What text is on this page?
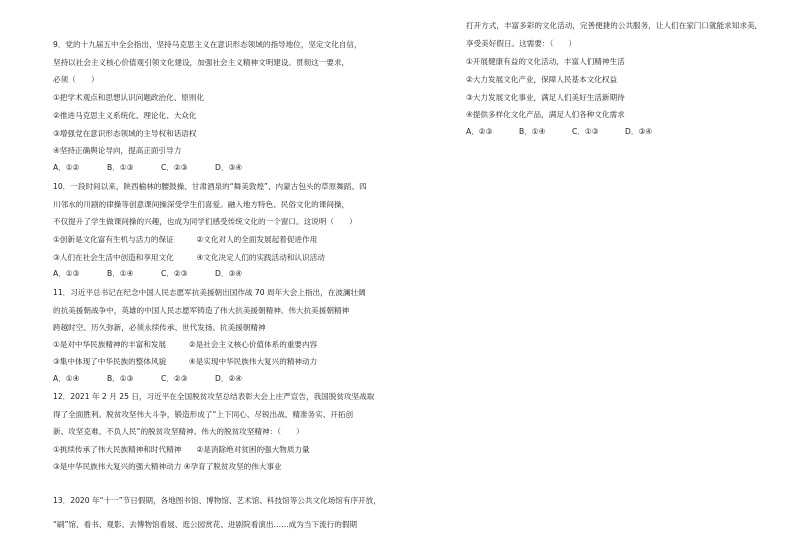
9．党的十九届五中全会指出，坚持马克思主义在意识形态领域的指导地位，坚定文化自信，
坚持以社会主义核心价值观引领文化建设，加强社会主义精神文明建设。贯彻这一要求，
必须（　　）
①把学术观点和思想认识问题政治化、原则化
②推进马克思主义系统化、理论化、大众化
③增强党在意识形态领域的主导权和话语权
④坚持正确舆论导向，提高正面引导力
A．①②	B．①③	C．②③	D．③④
10．一段时间以来，陕西榆林的腰鼓操、甘肃酒泉的“舞美敦煌”、内蒙古包头的草原舞蹈、四
川邻水的川剧的律操等创意课间操深受学生们喜爱。融入地方特色、民俗文化的课间操，
不仅提升了学生做课间操的兴趣，也成为同学们感受传统文化的一个窗口。这说明（　　）
①创新是文化富有生机与活力的保证　　　②文化对人的全面发展起着促进作用
③人们在社会生活中创造和享用文化　　　④文化决定人们的实践活动和认识活动
A．①③	B．①④	C．②③	D．③④
11．习近平总书记在纪念中国人民志愿军抗美援朝出国作战 70 周年大会上指出，在波澜壮阔
的抗美援朝战争中，英雄的中国人民志愿军铸造了伟大抗美援朝精神。伟大抗美援朝精神
跨越时空、历久弥新，必须永续传承、世代发扬。抗美援朝精神
①是对中华民族精神的丰富和发展　　　②是社会主义核心价值体系的重要内容
③集中体现了中华民族的整体风貌　　　④是实现中华民族伟大复兴的精神动力
A．①④	B．①③	C．②③	D．②④
12．2021 年 2 月 25 日，习近平在全国脱贫攻坚总结表彰大会上庄严宣告，我国脱贫攻坚战取
得了全面胜利。脱贫攻坚伟大斗争，锻造形成了“上下同心、尽锐出战、精准务实、开拓创
新、攻坚克难、不负人民”的脱贫攻坚精神。伟大的脱贫攻坚精神：（　　）
①挑续传承了伟大民族精神和时代精神　　②是消除绝对贫困的强大物质力量
③是中华民族伟大复兴的强大精神动力 ④孕育了脱贫攻坚的伟大事业
13．2020 年“十一”节日假期，各地图书馆、博物馆、艺术馆、科技馆等公共文化场馆有序开放，
“刷”馆、看书、观影、去博物馆看展、逛公园赏花、进剧院看演出……成为当下流行的假期
打开方式，丰富多彩的文化活动，完善便捷的公共服务，让人们在家门口就能求知求美，
享受美好假日。这需要：（　　）
①开展健康有益的文化活动，丰富人们精神生活
②大力发展文化产业，保障人民基本文化权益
③大力发展文化事业，满足人们美好生活新期待
④提供多样化文化产品，满足人们各种文化需求
A．②③	B．①④	C．①③	D．③④
